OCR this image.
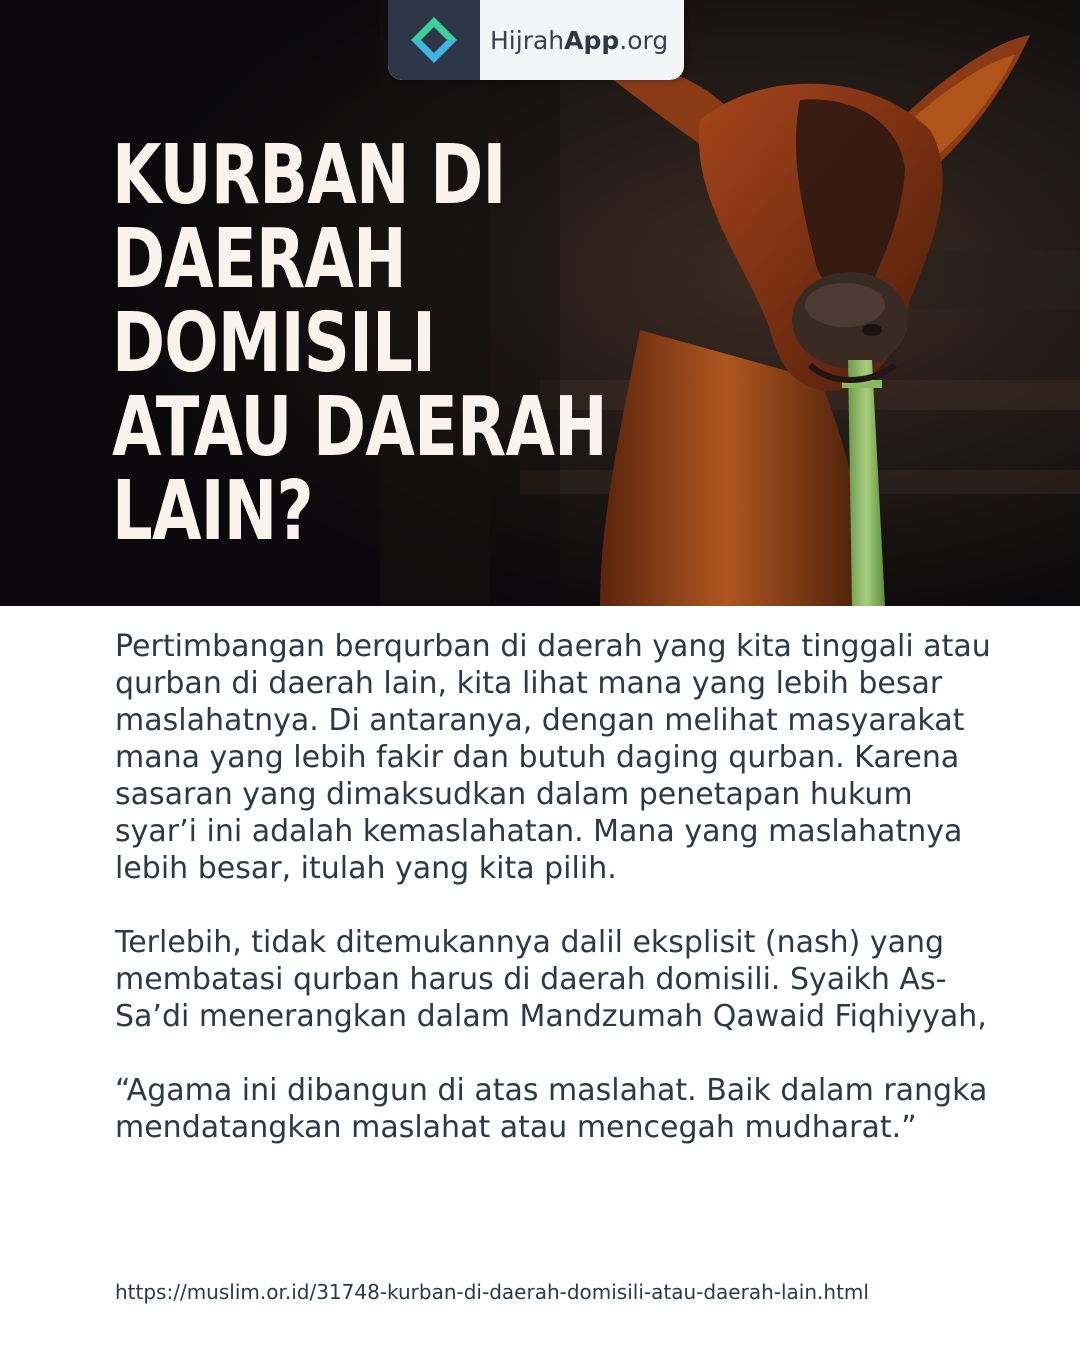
HijrahApp.org
KURBAN DI
DAERAH
DOMISILI
ATAU DAERAH
LAIN?

Pertimbangan berqurban di daerah yang kita tinggali atau qurban di daerah lain, kita lihat mana yang lebih besar maslahatnya. Di antaranya, dengan melihat masyarakat mana yang lebih fakir dan butuh daging qurban. Karena sasaran yang dimaksudkan dalam penetapan hukum syar’i ini adalah kemaslahatan. Mana yang maslahatnya lebih besar, itulah yang kita pilih.

Terlebih, tidak ditemukannya dalil eksplisit (nash) yang membatasi qurban harus di daerah domisili. Syaikh As-Sa’di menerangkan dalam Mandzumah Qawaid Fiqhiyyah,

“Agama ini dibangun di atas maslahat. Baik dalam rangka mendatangkan maslahat atau mencegah mudharat.”

https://muslim.or.id/31748-kurban-di-daerah-domisili-atau-daerah-lain.html
